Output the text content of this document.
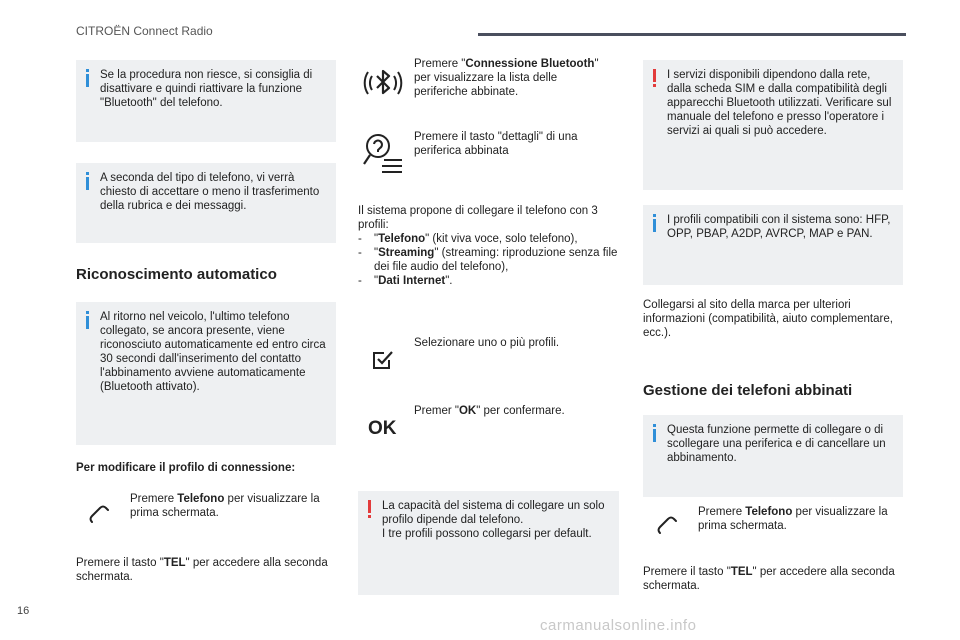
CITROËN Connect Radio
Se la procedura non riesce, si consiglia di disattivare e quindi riattivare la funzione "Bluetooth" del telefono.
A seconda del tipo di telefono, vi verrà chiesto di accettare o meno il trasferimento della rubrica e dei messaggi.
Riconoscimento automatico
Al ritorno nel veicolo, l'ultimo telefono collegato, se ancora presente, viene riconosciuto automaticamente ed entro circa 30 secondi dall'inserimento del contatto l'abbinamento avviene automaticamente (Bluetooth attivato).
Per modificare il profilo di connessione:
Premere Telefono per visualizzare la prima schermata.
Premere il tasto "TEL" per accedere alla seconda schermata.
Premere "Connessione Bluetooth" per visualizzare la lista delle periferiche abbinate.
Premere il tasto "dettagli" di una periferica abbinata
Il sistema propone di collegare il telefono con 3 profili:
- "Telefono" (kit viva voce, solo telefono),
- "Streaming" (streaming: riproduzione senza file dei file audio del telefono),
- "Dati Internet".
Selezionare uno o più profili.
OK
Premer "OK" per confermare.
La capacità del sistema di collegare un solo profilo dipende dal telefono.
I tre profili possono collegarsi per default.
I servizi disponibili dipendono dalla rete, dalla scheda SIM e dalla compatibilità degli apparecchi Bluetooth utilizzati. Verificare sul manuale del telefono e presso l'operatore i servizi ai quali si può accedere.
I profili compatibili con il sistema sono: HFP, OPP, PBAP, A2DP, AVRCP, MAP e PAN.
Collegarsi al sito della marca per ulteriori informazioni (compatibilità, aiuto complementare, ecc.).
Gestione dei telefoni abbinati
Questa funzione permette di collegare o di scollegare una periferica e di cancellare un abbinamento.
Premere Telefono per visualizzare la prima schermata.
Premere il tasto "TEL" per accedere alla seconda schermata.
16
carmanualsonline.info
